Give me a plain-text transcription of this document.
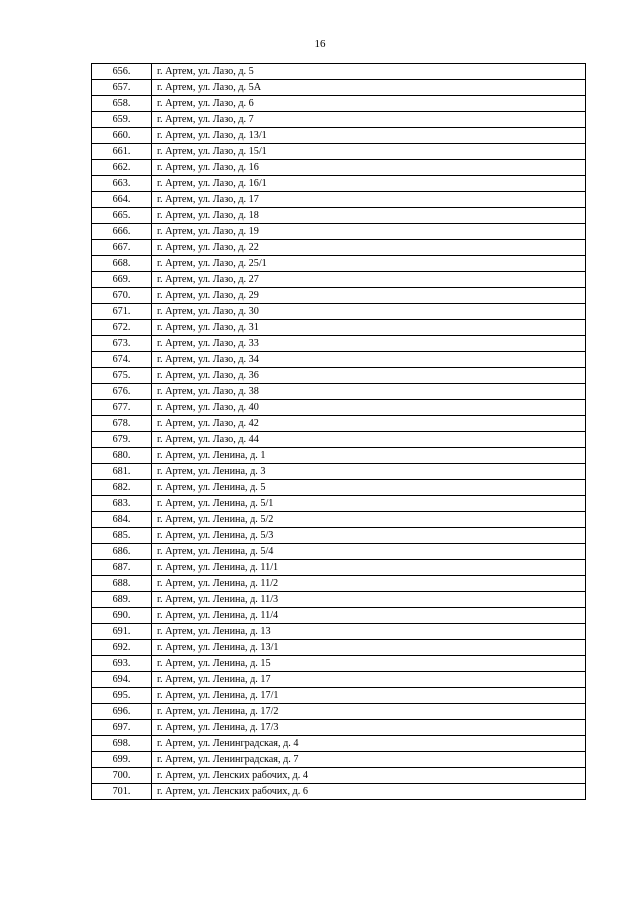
16
656.	г. Артем, ул. Лазо, д. 5
657.	г. Артем, ул. Лазо, д. 5А
658.	г. Артем, ул. Лазо, д. 6
659.	г. Артем, ул. Лазо, д. 7
660.	г. Артем, ул. Лазо, д. 13/1
661.	г. Артем, ул. Лазо, д. 15/1
662.	г. Артем, ул. Лазо, д. 16
663.	г. Артем, ул. Лазо, д. 16/1
664.	г. Артем, ул. Лазо, д. 17
665.	г. Артем, ул. Лазо, д. 18
666.	г. Артем, ул. Лазо, д. 19
667.	г. Артем, ул. Лазо, д. 22
668.	г. Артем, ул. Лазо, д. 25/1
669.	г. Артем, ул. Лазо, д. 27
670.	г. Артем, ул. Лазо, д. 29
671.	г. Артем, ул. Лазо, д. 30
672.	г. Артем, ул. Лазо, д. 31
673.	г. Артем, ул. Лазо, д. 33
674.	г. Артем, ул. Лазо, д. 34
675.	г. Артем, ул. Лазо, д. 36
676.	г. Артем, ул. Лазо, д. 38
677.	г. Артем, ул. Лазо, д. 40
678.	г. Артем, ул. Лазо, д. 42
679.	г. Артем, ул. Лазо, д. 44
680.	г. Артем, ул. Ленина, д. 1
681.	г. Артем, ул. Ленина, д. 3
682.	г. Артем, ул. Ленина, д. 5
683.	г. Артем, ул. Ленина, д. 5/1
684.	г. Артем, ул. Ленина, д. 5/2
685.	г. Артем, ул. Ленина, д. 5/3
686.	г. Артем, ул. Ленина, д. 5/4
687.	г. Артем, ул. Ленина, д. 11/1
688.	г. Артем, ул. Ленина, д. 11/2
689.	г. Артем, ул. Ленина, д. 11/3
690.	г. Артем, ул. Ленина, д. 11/4
691.	г. Артем, ул. Ленина, д. 13
692.	г. Артем, ул. Ленина, д. 13/1
693.	г. Артем, ул. Ленина, д. 15
694.	г. Артем, ул. Ленина, д. 17
695.	г. Артем, ул. Ленина, д. 17/1
696.	г. Артем, ул. Ленина, д. 17/2
697.	г. Артем, ул. Ленина, д. 17/3
698.	г. Артем, ул. Ленинградская, д. 4
699.	г. Артем, ул. Ленинградская, д. 7
700.	г. Артем, ул. Ленских рабочих, д. 4
701.	г. Артем, ул. Ленских рабочих, д. 6
